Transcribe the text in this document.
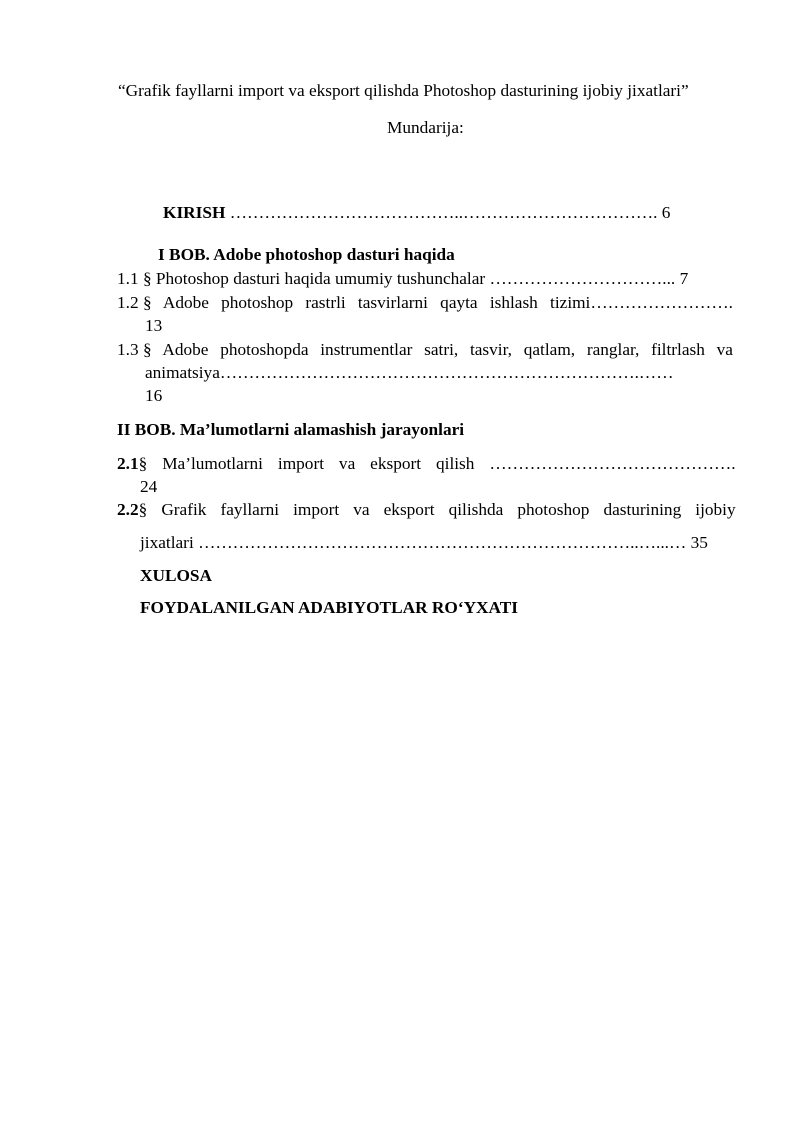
“Grafik fayllarni import va eksport qilishda Photoshop dasturining ijobiy jixatlari”
Mundarija:
KIRISH …………………………………..……………………………. 6
I BOB. Adobe photoshop dasturi haqida
1.1 § Photoshop dasturi haqida umumiy tushunchalar …………………………... 7
1.2 § Adobe photoshop rastrli tasvirlarni qayta ishlash tizimi…………………….
13
1.3 § Adobe photoshopda instrumentlar satri, tasvir, qatlam, ranglar, filtrlash va
animatsiya……………………………………………………………….……
16
II BOB. Ma’lumotlarni alamashish jarayonlari
2.1§ Ma’lumotlarni import va eksport qilish …………………………………….
24
2.2§ Grafik fayllarni import va eksport qilishda photoshop dasturining ijobiy
jixatlari …………………………………………………………………..…...… 35
XULOSA
FOYDALANILGAN ADABIYOTLAR RO‘YXATI
